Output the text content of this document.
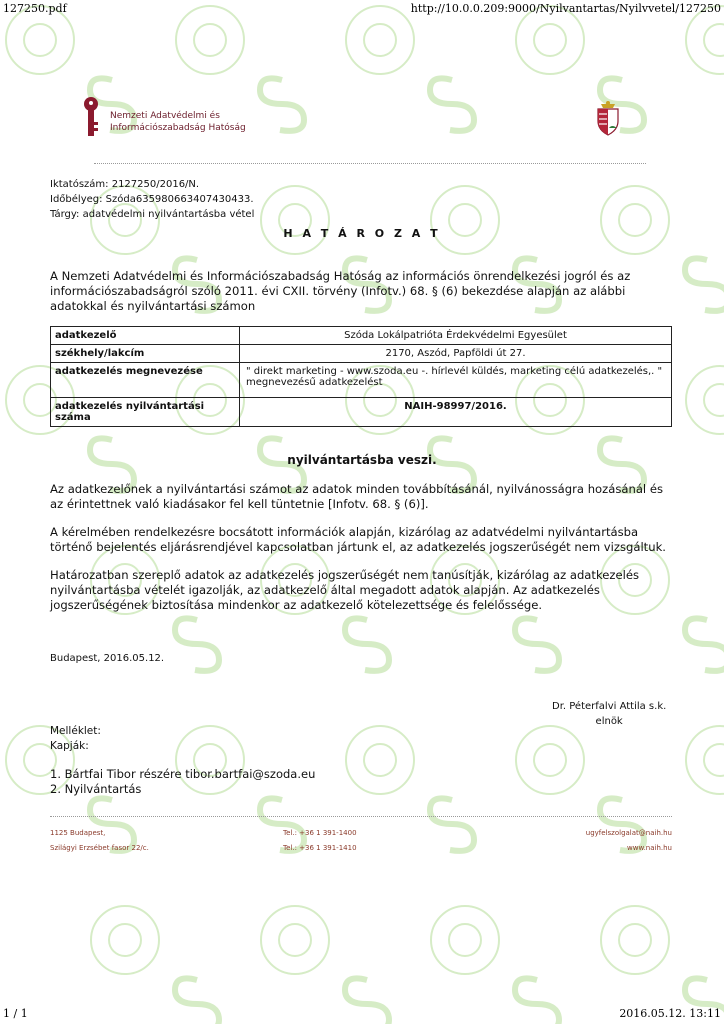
127250.pdf	http://10.0.0.209:9000/Nyilvantartas/Nyilvvetel/127250
Nemzeti Adatvédelmi és
Információszabadság Hatóság
Iktatószám: 2127250/2016/N.
Időbélyeg: Szóda635980663407430433.
Tárgy: adatvédelmi nyilvántartásba vétel
H A T Á R O Z A T
A Nemzeti Adatvédelmi és Információszabadság Hatóság az információs önrendelkezési jogról és az információszabadságról szóló 2011. évi CXII. törvény (Infotv.) 68. § (6) bekezdése alapján az alábbi adatokkal és nyilvántartási számon
adatkezelő	Szóda Lokálpatrióta Érdekvédelmi Egyesület
székhely/lakcím	2170, Aszód, Papföldi út 27.
adatkezelés megnevezése	" direkt marketing - www.szoda.eu -. hírlevél küldés, marketing célú adatkezelés,. " megnevezésű adatkezelést
adatkezelés nyilvántartási száma	NAIH-98997/2016.
nyilvántartásba veszi.
Az adatkezelőnek a nyilvántartási számot az adatok minden továbbításánál, nyilvánosságra hozásánál és az érintettnek való kiadásakor fel kell tüntetnie [Infotv. 68. § (6)].
A kérelmében rendelkezésre bocsátott információk alapján, kizárólag az adatvédelmi nyilvántartásba történő bejelentés eljárásrendjével kapcsolatban jártunk el, az adatkezelés jogszerűségét nem vizsgáltuk.
Határozatban szereplő adatok az adatkezelés jogszerűségét nem tanúsítják, kizárólag az adatkezelés nyilvántartásba vételét igazolják, az adatkezelő által megadott adatok alapján. Az adatkezelés jogszerűségének biztosítása mindenkor az adatkezelő kötelezettsége és felelőssége.
Budapest, 2016.05.12.
Dr. Péterfalvi Attila s.k.
elnök
Melléklet:
Kapják:
1. Bártfai Tibor részére tibor.bartfai@szoda.eu
2. Nyilvántartás
1125 Budapest,
Szilágyi Erzsébet fasor 22/c.
Tel.: +36 1 391-1400
Tel.: +36 1 391-1410
ugyfelszolgalat@naih.hu
www.naih.hu
1 / 1	2016.05.12. 13:11
